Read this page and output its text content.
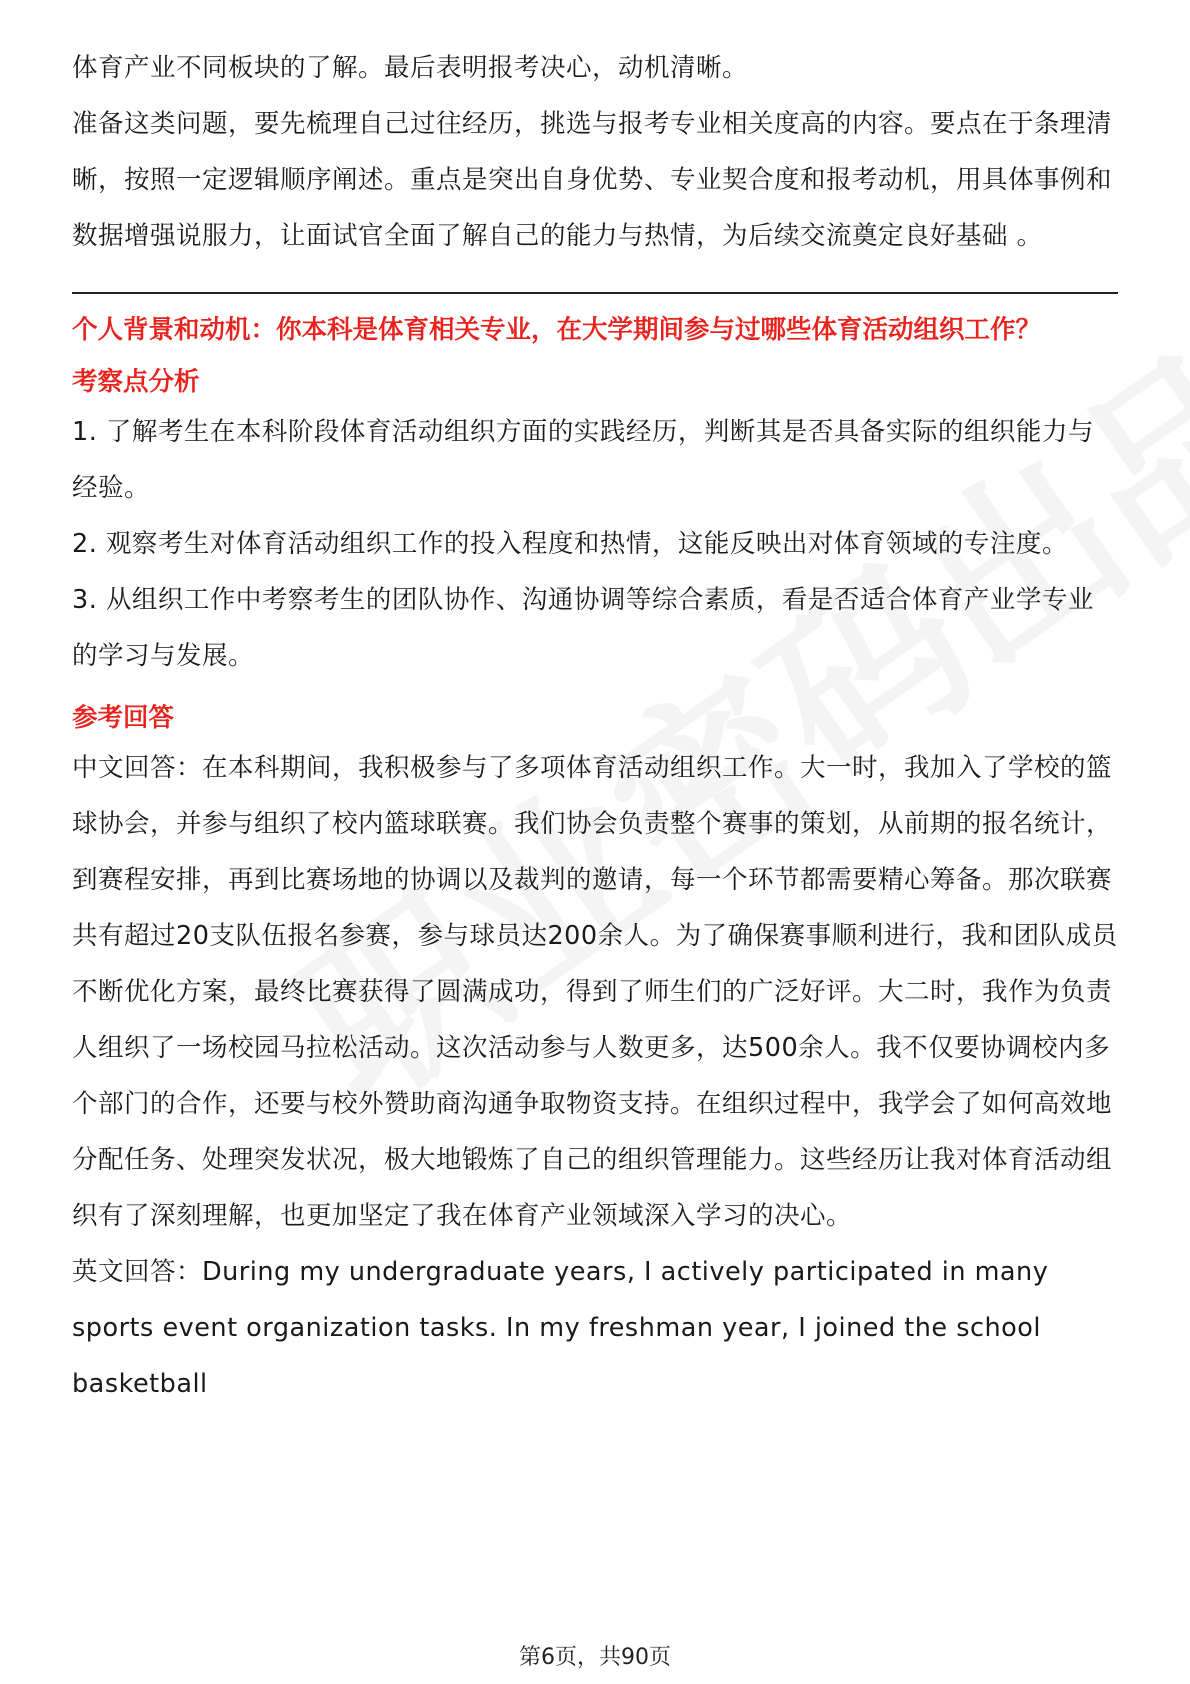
体育产业不同板块的了解。最后表明报考决心，动机清晰。

准备这类问题，要先梳理自己过往经历，挑选与报考专业相关度高的内容。要点在于条理清晰，按照一定逻辑顺序阐述。重点是突出自身优势、专业契合度和报考动机，用具体事例和数据增强说服力，让面试官全面了解自己的能力与热情，为后续交流奠定良好基础 。

个人背景和动机：你本科是体育相关专业，在大学期间参与过哪些体育活动组织工作？

考察点分析

1. 了解考生在本科阶段体育活动组织方面的实践经历，判断其是否具备实际的组织能力与经验。

2. 观察考生对体育活动组织工作的投入程度和热情，这能反映出对体育领域的专注度。

3. 从组织工作中考察考生的团队协作、沟通协调等综合素质，看是否适合体育产业学专业的学习与发展。

参考回答

中文回答：在本科期间，我积极参与了多项体育活动组织工作。大一时，我加入了学校的篮球协会，并参与组织了校内篮球联赛。我们协会负责整个赛事的策划，从前期的报名统计，到赛程安排，再到比赛场地的协调以及裁判的邀请，每一个环节都需要精心筹备。那次联赛共有超过20支队伍报名参赛，参与球员达200余人。为了确保赛事顺利进行，我和团队成员不断优化方案，最终比赛获得了圆满成功，得到了师生们的广泛好评。大二时，我作为负责人组织了一场校园马拉松活动。这次活动参与人数更多，达500余人。我不仅要协调校内多个部门的合作，还要与校外赞助商沟通争取物资支持。在组织过程中，我学会了如何高效地分配任务、处理突发状况，极大地锻炼了自己的组织管理能力。这些经历让我对体育活动组织有了深刻理解，也更加坚定了我在体育产业领域深入学习的决心。

英文回答：During my undergraduate years, I actively participated in many sports event organization tasks. In my freshman year, I joined the school basketball

第6页，共90页
